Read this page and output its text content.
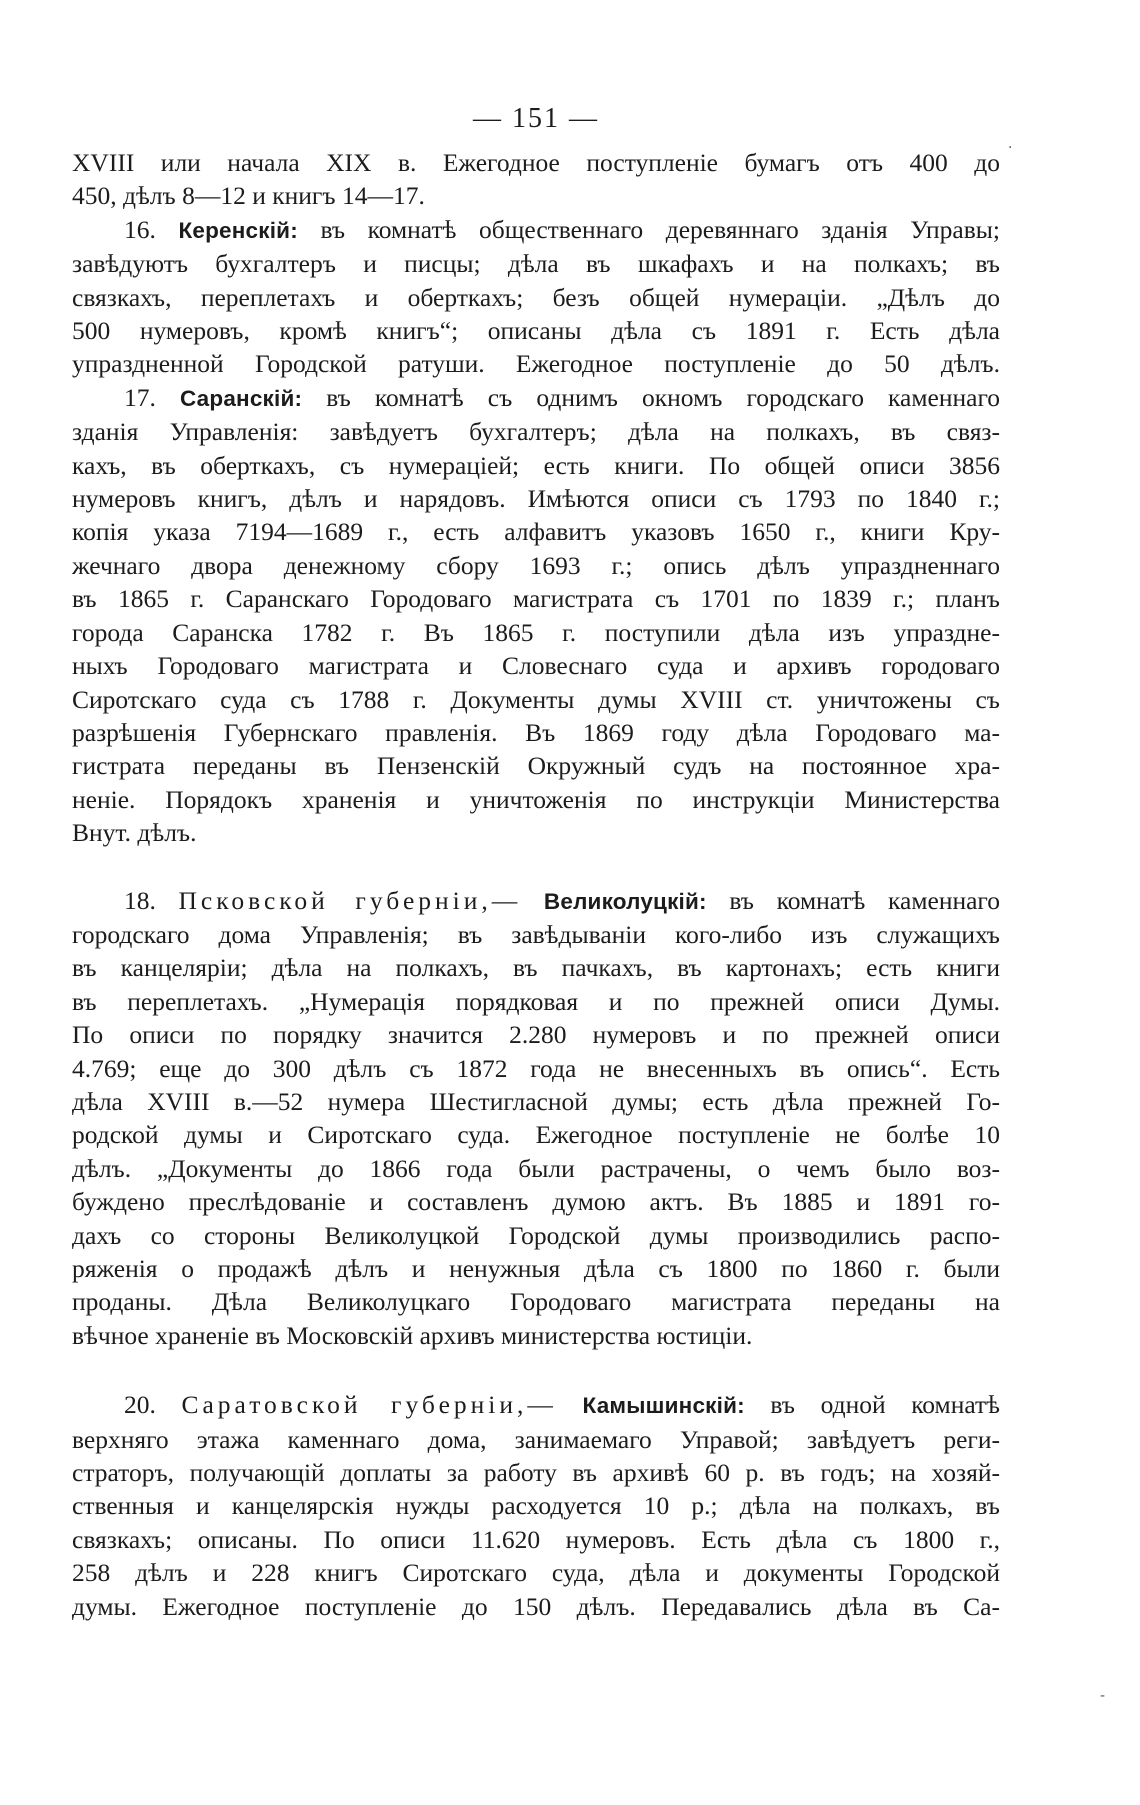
— 151 —
XVIII или начала XIX в. Ежегодное поступленіе бумагъ отъ 400 до
450, дѣлъ 8—12 и книгъ 14—17.
16. Керенскій: въ комнатѣ общественнаго деревяннаго зданія Управы;
завѣдуютъ бухгалтеръ и писцы; дѣла въ шкафахъ и на полкахъ; въ
связкахъ, переплетахъ и оберткахъ; безъ общей нумераціи. „Дѣлъ до
500 нумеровъ, кромѣ книгъ“; описаны дѣла съ 1891 г. Есть дѣла
упраздненной Городской ратуши. Ежегодное поступленіе до 50 дѣлъ.
17. Саранскій: въ комнатѣ съ однимъ окномъ городскаго каменнаго
зданія Управленія: завѣдуетъ бухгалтеръ; дѣла на полкахъ, въ связ-
кахъ, въ оберткахъ, съ нумераціей; есть книги. По общей описи 3856
нумеровъ книгъ, дѣлъ и нарядовъ. Имѣются описи съ 1793 по 1840 г.;
копія указа 7194—1689 г., есть алфавитъ указовъ 1650 г., книги Кру-
жечнаго двора денежному сбору 1693 г.; опись дѣлъ упраздненнаго
въ 1865 г. Саранскаго Городоваго магистрата съ 1701 по 1839 г.; планъ
города Саранска 1782 г. Въ 1865 г. поступили дѣла изъ упраздне-
ныхъ Городоваго магистрата и Словеснаго суда и архивъ городоваго
Сиротскаго суда съ 1788 г. Документы думы XVIII ст. уничтожены съ
разрѣшенія Губернскаго правленія. Въ 1869 году дѣла Городоваго ма-
гистрата переданы въ Пензенскій Окружный судъ на постоянное хра-
неніе. Порядокъ храненія и уничтоженія по инструкціи Министерства
Внут. дѣлъ.
18. Псковской губерніи,— Великолуцкій: въ комнатѣ каменнаго
городскаго дома Управленія; въ завѣдываніи кого-либо изъ служащихъ
въ канцеляріи; дѣла на полкахъ, въ пачкахъ, въ картонахъ; есть книги
въ переплетахъ. „Нумерація порядковая и по прежней описи Думы.
По описи по порядку значится 2.280 нумеровъ и по прежней описи
4.769; еще до 300 дѣлъ съ 1872 года не внесенныхъ въ опись“. Есть
дѣла XVIII в.—52 нумера Шестигласной думы; есть дѣла прежней Го-
родской думы и Сиротскаго суда. Ежегодное поступленіе не болѣе 10
дѣлъ. „Документы до 1866 года были растрачены, о чемъ было воз-
буждено преслѣдованіе и составленъ думою актъ. Въ 1885 и 1891 го-
дахъ со стороны Великолуцкой Городской думы производились распо-
ряженія о продажѣ дѣлъ и ненужныя дѣла съ 1800 по 1860 г. были
проданы. Дѣла Великолуцкаго Городоваго магистрата переданы на
вѣчное храненіе въ Московскій архивъ министерства юстиціи.
20. Саратовской губерніи,— Камышинскій: въ одной комнатѣ
верхняго этажа каменнаго дома, занимаемаго Управой; завѣдуетъ реги-
страторъ, получающій доплаты за работу въ архивѣ 60 р. въ годъ; на хозяй-
ственныя и канцелярскія нужды расходуется 10 р.; дѣла на полкахъ, въ
связкахъ; описаны. По описи 11.620 нумеровъ. Есть дѣла съ 1800 г.,
258 дѣлъ и 228 книгъ Сиротскаго суда, дѣла и документы Городской
думы. Ежегодное поступленіе до 150 дѣлъ. Передавались дѣла въ Са-
·
‐
